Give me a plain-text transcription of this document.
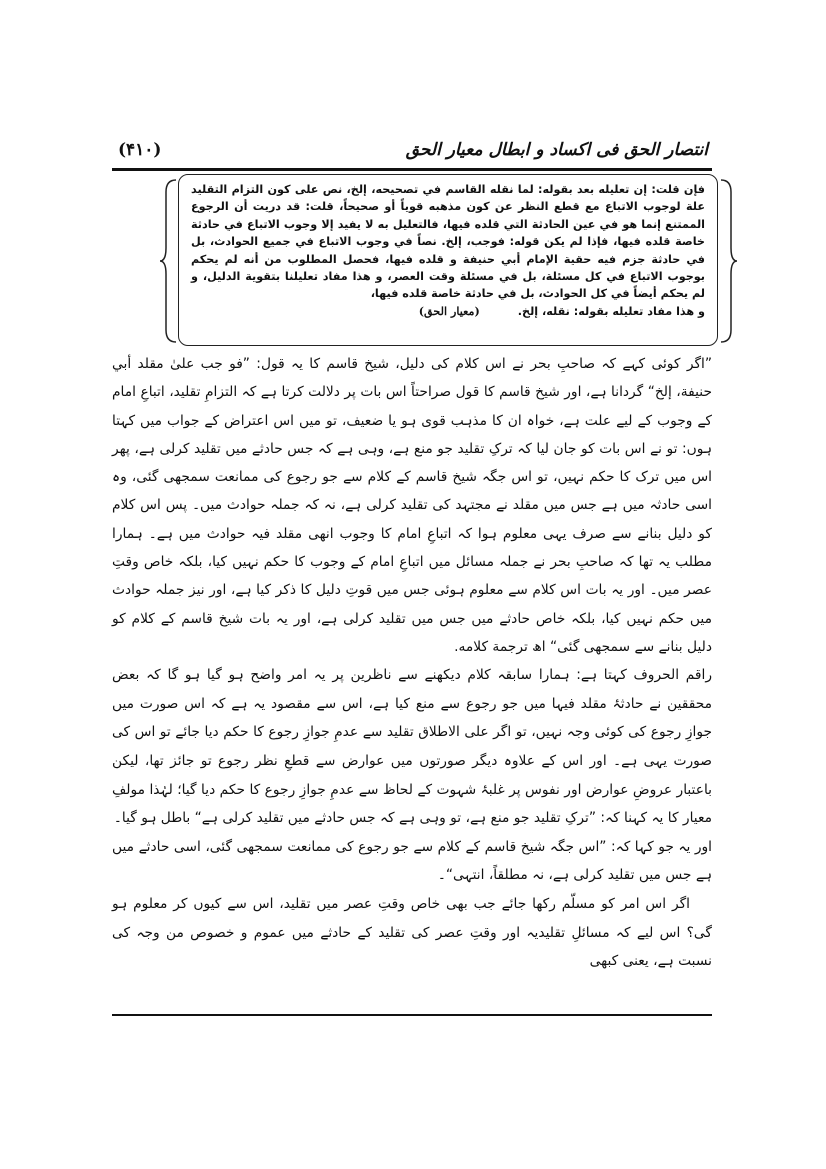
انتصار الحق فی اکساد و ابطال معیار الحق
(۴۱۰)

فإن قلت: إن تعليله بعد بقوله: لما نقله القاسم في تصحيحه، إلخ، نص على كون التزام التقليد علة لوجوب الاتباع مع قطع النظر عن كون مذهبه قوياً أو صحيحاً، قلت: قد دريت أن الرجوع الممتنع إنما هو في عين الحادثة التي قلده فيها، فالتعليل به لا يفيد إلا وجوب الاتباع في حادثة خاصة قلده فيها، فإذا لم يكن قوله: فوجب، إلخ. نصاً في وجوب الاتباع في جميع الحوادث، بل في حادثة جزم فيه حقية الإمام أبي حنيفة و قلده فيها، فحصل المطلوب من أنه لم يحكم بوجوب الاتباع في كل مسئلة، بل في مسئلة وقت العصر، و هذا مفاد تعليلنا بتقوية الدليل، و لم يحكم أيضاً في كل الحوادث، بل في حادثة خاصة قلده فيها،

و هذا مفاد تعليله بقوله: نقله، إلخ. (معیار الحق)

”اگر کوئی کہے کہ صاحبِ بحر نے اس کلام کی دلیل، شیخ قاسم کا یہ قول: ”فو جب علیٰ مقلد أبي حنیفة، إلخ“ گردانا ہے، اور شیخ قاسم کا قول صراحتاً اس بات پر دلالت کرتا ہے کہ التزامِ تقلید، اتباعِ امام کے وجوب کے لیے علت ہے، خواہ ان کا مذہب قوی ہو یا ضعیف، تو میں اس اعتراض کے جواب میں کہتا ہوں: تو نے اس بات کو جان لیا کہ ترکِ تقلید جو منع ہے، وہی ہے کہ جس حادثے میں تقلید کرلی ہے، پھر اس میں ترک کا حکم نہیں، تو اس جگہ شیخ قاسم کے کلام سے جو رجوع کی ممانعت سمجھی گئی، وہ اسی حادثہ میں ہے جس میں مقلد نے مجتہد کی تقلید کرلی ہے، نہ کہ جملہ حوادث میں۔ پس اس کلام کو دلیل بنانے سے صرف یہی معلوم ہوا کہ اتباعِ امام کا وجوب انھی مقلد فیہ حوادث میں ہے۔ ہمارا مطلب یہ تھا کہ صاحبِ بحر نے جملہ مسائل میں اتباعِ امام کے وجوب کا حکم نہیں کیا، بلکہ خاص وقتِ عصر میں۔ اور یہ بات اس کلام سے معلوم ہوئی جس میں قوتِ دلیل کا ذکر کیا ہے، اور نیز جملہ حوادث میں حکم نہیں کیا، بلکہ خاص حادثے میں جس میں تقلید کرلی ہے، اور یہ بات شیخ قاسم کے کلام کو دلیل بنانے سے سمجھی گئی“ اھ ترجمة كلامه.

راقم الحروف کہتا ہے: ہمارا سابقہ کلام دیکھنے سے ناظرین پر یہ امر واضح ہو گیا ہو گا کہ بعض محققین نے حادثۂ مقلد فیہا میں جو رجوع سے منع کیا ہے، اس سے مقصود یہ ہے کہ اس صورت میں جوازِ رجوع کی کوئی وجہ نہیں، تو اگر علی الاطلاق تقلید سے عدمِ جوازِ رجوع کا حکم دیا جائے تو اس کی صورت یہی ہے۔ اور اس کے علاوہ دیگر صورتوں میں عوارض سے قطعِ نظر رجوع تو جائز تھا، لیکن باعتبار عروضِ عوارض اور نفوس پر غلبۂ شہوت کے لحاظ سے عدمِ جوازِ رجوع کا حکم دیا گیا؛ لہٰذا مولفِ معیار کا یہ کہنا کہ: ”ترکِ تقلید جو منع ہے، تو وہی ہے کہ جس حادثے میں تقلید کرلی ہے“ باطل ہو گیا۔

اور یہ جو کہا کہ: ”اس جگہ شیخ قاسم کے کلام سے جو رجوع کی ممانعت سمجھی گئی، اسی حادثے میں ہے جس میں تقلید کرلی ہے، نہ مطلقاً، انتہی“۔

اگر اس امر کو مسلّم رکھا جائے جب بھی خاص وقتِ عصر میں تقلید، اس سے کیوں کر معلوم ہو گی؟ اس لیے کہ مسائلِ تقلیدیہ اور وقتِ عصر کی تقلید کے حادثے میں عموم و خصوص من وجہ کی نسبت ہے، یعنی کبھی
